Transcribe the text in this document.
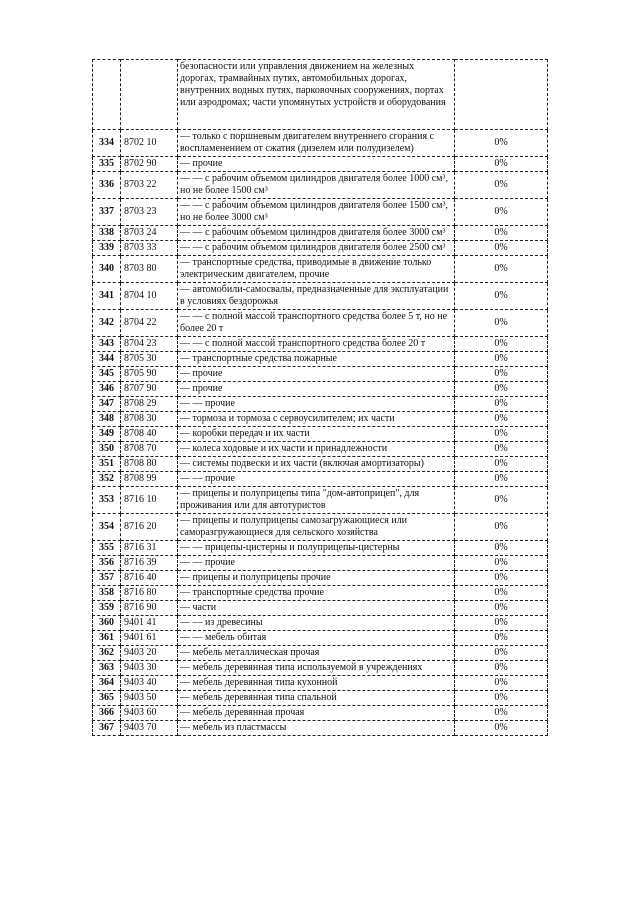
		безопасности или управления движением на железных дорогах, трамвайных путях, автомобильных дорогах, внутренних водных путях, парковочных сооружениях, портах или аэродромах; части упомянутых устройств и оборудования	
334	8702 10	— только с поршневым двигателем внутреннего сгорания с воспламенением от сжатия (дизелем или полудизелем)	0%
335	8702 90	— прочие	0%
336	8703 22	— — с рабочим объемом цилиндров двигателя более 1000 см³, но не более 1500 см³	0%
337	8703 23	— — с рабочим объемом цилиндров двигателя более 1500 см³, но не более 3000 см³	0%
338	8703 24	— — с рабочим объемом цилиндров двигателя более 3000 см³	0%
339	8703 33	— — с рабочим объемом цилиндров двигателя более 2500 см³	0%
340	8703 80	— транспортные средства, приводимые в движение только электрическим двигателем, прочие	0%
341	8704 10	— автомобили-самосвалы, предназначенные для эксплуатации в условиях бездорожья	0%
342	8704 22	— — с полной массой транспортного средства более 5 т, но не более 20 т	0%
343	8704 23	— — с полной массой транспортного средства более 20 т	0%
344	8705 30	— транспортные средства пожарные	0%
345	8705 90	— прочие	0%
346	8707 90	— прочие	0%
347	8708 29	— — прочие	0%
348	8708 30	— тормоза и тормоза с сервоусилителем; их части	0%
349	8708 40	— коробки передач и их части	0%
350	8708 70	— колеса ходовые и их части и принадлежности	0%
351	8708 80	— системы подвески и их части (включая амортизаторы)	0%
352	8708 99	— — прочие	0%
353	8716 10	— прицепы и полуприцепы типа "дом-автоприцеп", для проживания или для автотуристов	0%
354	8716 20	— прицепы и полуприцепы самозагружающиеся или саморазгружающиеся для сельского хозяйства	0%
355	8716 31	— — прицепы-цистерны и полуприцепы-цистерны	0%
356	8716 39	— — прочие	0%
357	8716 40	— прицепы и полуприцепы прочие	0%
358	8716 80	— транспортные средства прочие	0%
359	8716 90	— части	0%
360	9401 41	— — из древесины	0%
361	9401 61	— — мебель обитая	0%
362	9403 20	— мебель металлическая прочая	0%
363	9403 30	— мебель деревянная типа используемой в учреждениях	0%
364	9403 40	— мебель деревянная типа кухонной	0%
365	9403 50	— мебель деревянная типа спальной	0%
366	9403 60	— мебель деревянная прочая	0%
367	9403 70	— мебель из пластмассы	0%
